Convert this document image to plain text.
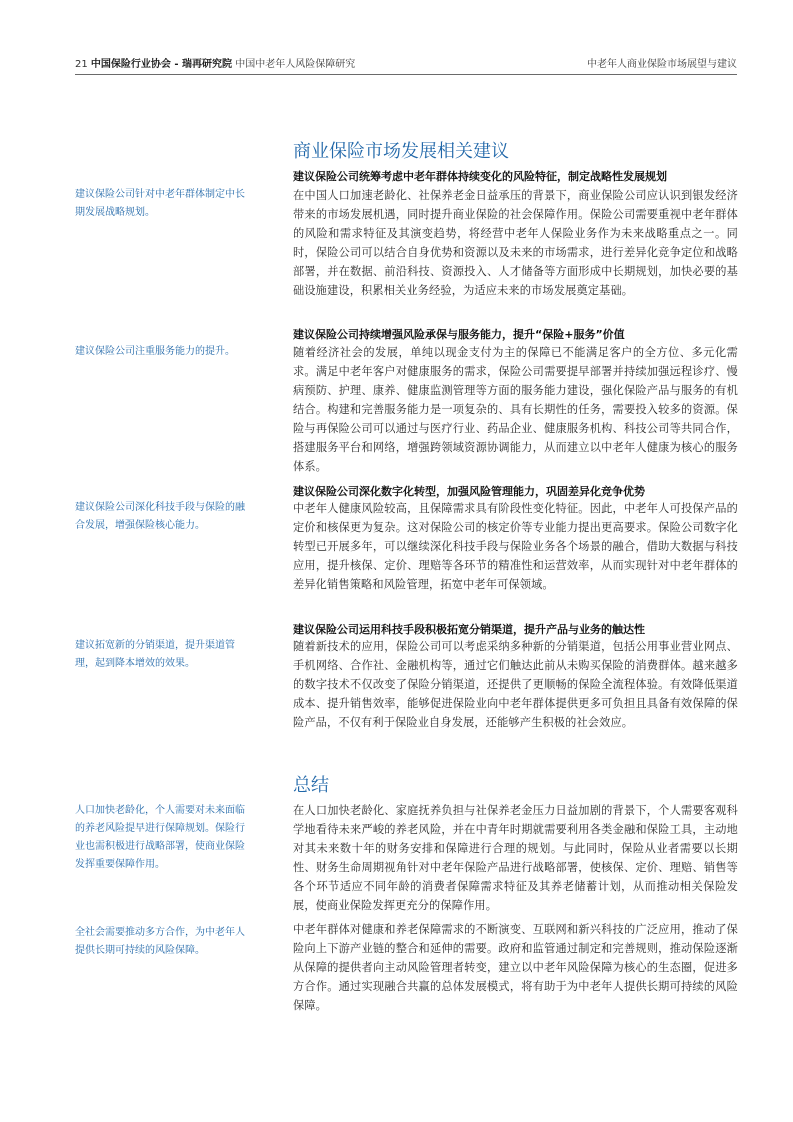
21 中国保险行业协会 - 瑞再研究院 中国中老年人风险保障研究	中老年人商业保险市场展望与建议
商业保险市场发展相关建议
建议保险公司针对中老年群体制定中长期发展战略规划。
建议保险公司统筹考虑中老年群体持续变化的风险特征，制定战略性发展规划
在中国人口加速老龄化、社保养老金日益承压的背景下，商业保险公司应认识到银发经济带来的市场发展机遇，同时提升商业保险的社会保障作用。保险公司需要重视中老年群体的风险和需求特征及其演变趋势，将经营中老年人保险业务作为未来战略重点之一。同时，保险公司可以结合自身优势和资源以及未来的市场需求，进行差异化竞争定位和战略部署，并在数据、前沿科技、资源投入、人才储备等方面形成中长期规划，加快必要的基础设施建设，积累相关业务经验，为适应未来的市场发展奠定基础。
建议保险公司注重服务能力的提升。
建议保险公司持续增强风险承保与服务能力，提升“保险+服务”价值
随着经济社会的发展，单纯以现金支付为主的保障已不能满足客户的全方位、多元化需求。满足中老年客户对健康服务的需求，保险公司需要提早部署并持续加强远程诊疗、慢病预防、护理、康养、健康监测管理等方面的服务能力建设，强化保险产品与服务的有机结合。构建和完善服务能力是一项复杂的、具有长期性的任务，需要投入较多的资源。保险与再保险公司可以通过与医疗行业、药品企业、健康服务机构、科技公司等共同合作，搭建服务平台和网络，增强跨领域资源协调能力，从而建立以中老年人健康为核心的服务体系。
建议保险公司深化科技手段与保险的融合发展，增强保险核心能力。
建议保险公司深化数字化转型，加强风险管理能力，巩固差异化竞争优势
中老年人健康风险较高，且保障需求具有阶段性变化特征。因此，中老年人可投保产品的定价和核保更为复杂。这对保险公司的核定价等专业能力提出更高要求。保险公司数字化转型已开展多年，可以继续深化科技手段与保险业务各个场景的融合，借助大数据与科技应用，提升核保、定价、理赔等各环节的精准性和运营效率，从而实现针对中老年群体的差异化销售策略和风险管理，拓宽中老年可保领域。
建议拓宽新的分销渠道，提升渠道管理，起到降本增效的效果。
建议保险公司运用科技手段积极拓宽分销渠道，提升产品与业务的触达性
随着新技术的应用，保险公司可以考虑采纳多种新的分销渠道，包括公用事业营业网点、手机网络、合作社、金融机构等，通过它们触达此前从未购买保险的消费群体。越来越多的数字技术不仅改变了保险分销渠道，还提供了更顺畅的保险全流程体验。有效降低渠道成本、提升销售效率，能够促进保险业向中老年群体提供更多可负担且具备有效保障的保险产品，不仅有利于保险业自身发展，还能够产生积极的社会效应。
总结
人口加快老龄化，个人需要对未来面临的养老风险提早进行保障规划。保险行业也需积极进行战略部署，使商业保险发挥重要保障作用。
在人口加快老龄化、家庭抚养负担与社保养老金压力日益加剧的背景下，个人需要客观科学地看待未来严峻的养老风险，并在中青年时期就需要利用各类金融和保险工具，主动地对其未来数十年的财务安排和保障进行合理的规划。与此同时，保险从业者需要以长期性、财务生命周期视角针对中老年保险产品进行战略部署，使核保、定价、理赔、销售等各个环节适应不同年龄的消费者保障需求特征及其养老储蓄计划，从而推动相关保险发展，使商业保险发挥更充分的保障作用。
全社会需要推动多方合作，为中老年人提供长期可持续的风险保障。
中老年群体对健康和养老保障需求的不断演变、互联网和新兴科技的广泛应用，推动了保险向上下游产业链的整合和延伸的需要。政府和监管通过制定和完善规则，推动保险逐渐从保障的提供者向主动风险管理者转变，建立以中老年风险保障为核心的生态圈，促进多方合作。通过实现融合共赢的总体发展模式，将有助于为中老年人提供长期可持续的风险保障。
